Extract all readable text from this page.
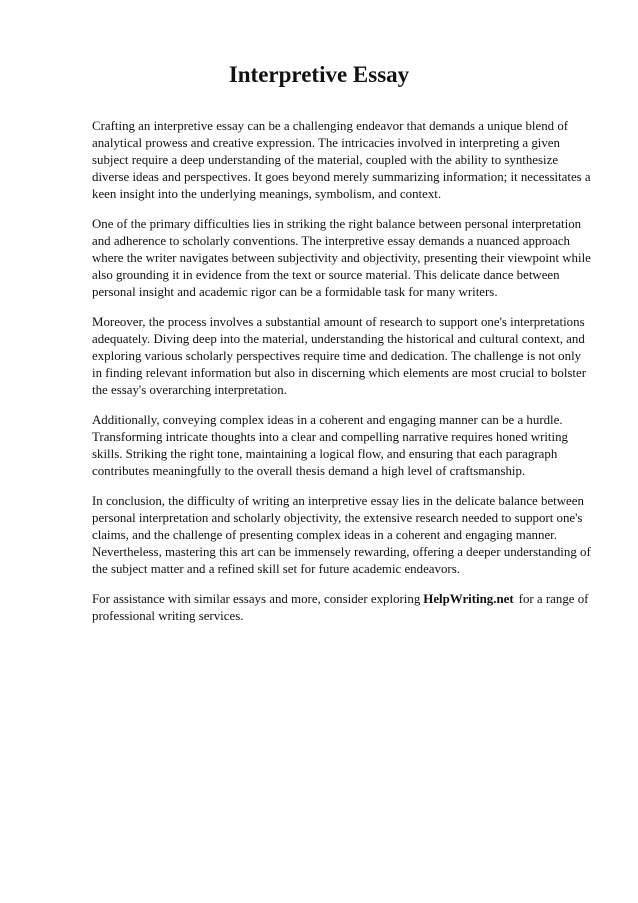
Interpretive Essay

Crafting an interpretive essay can be a challenging endeavor that demands a unique blend of analytical prowess and creative expression. The intricacies involved in interpreting a given subject require a deep understanding of the material, coupled with the ability to synthesize diverse ideas and perspectives. It goes beyond merely summarizing information; it necessitates a keen insight into the underlying meanings, symbolism, and context.

One of the primary difficulties lies in striking the right balance between personal interpretation and adherence to scholarly conventions. The interpretive essay demands a nuanced approach where the writer navigates between subjectivity and objectivity, presenting their viewpoint while also grounding it in evidence from the text or source material. This delicate dance between personal insight and academic rigor can be a formidable task for many writers.

Moreover, the process involves a substantial amount of research to support one's interpretations adequately. Diving deep into the material, understanding the historical and cultural context, and exploring various scholarly perspectives require time and dedication. The challenge is not only in finding relevant information but also in discerning which elements are most crucial to bolster the essay's overarching interpretation.

Additionally, conveying complex ideas in a coherent and engaging manner can be a hurdle. Transforming intricate thoughts into a clear and compelling narrative requires honed writing skills. Striking the right tone, maintaining a logical flow, and ensuring that each paragraph contributes meaningfully to the overall thesis demand a high level of craftsmanship.

In conclusion, the difficulty of writing an interpretive essay lies in the delicate balance between personal interpretation and scholarly objectivity, the extensive research needed to support one's claims, and the challenge of presenting complex ideas in a coherent and engaging manner. Nevertheless, mastering this art can be immensely rewarding, offering a deeper understanding of the subject matter and a refined skill set for future academic endeavors.

For assistance with similar essays and more, consider exploring HelpWriting.net for a range of professional writing services.
